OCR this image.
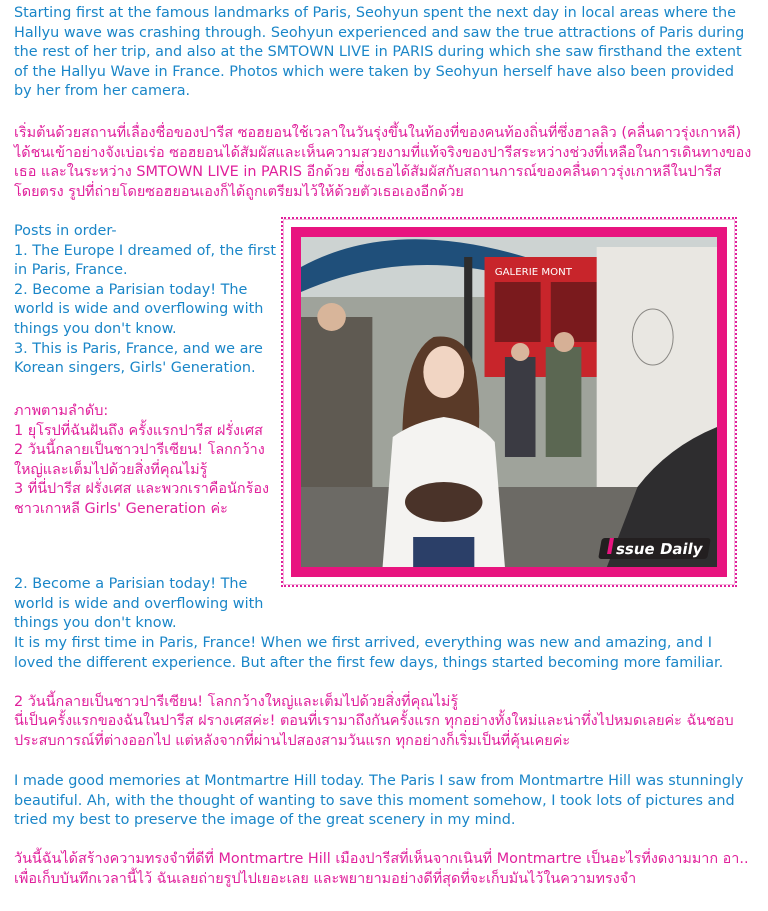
Starting first at the famous landmarks of Paris, Seohyun spent the next day in local areas where the Hallyu wave was crashing through. Seohyun experienced and saw the true attractions of Paris during the rest of her trip, and also at the SMTOWN LIVE in PARIS during which she saw firsthand the extent of the Hallyu Wave in France. Photos which were taken by Seohyun herself have also been provided by her from her camera.

เริ่มต้นด้วยสถานที่เลื่องชื่อของปารีส ซอฮยอนใช้เวลาในวันรุ่งขึ้นในท้องที่ของคนท้องถิ่นที่ซึ่งฮาลลิว (คลื่นดาวรุ่งเกาหลี) ได้ชนเข้าอย่างจังเบ่อเร่อ ซอฮยอนได้สัมผัสและเห็นความสวยงามที่แท้จริงของปารีสระหว่างช่วงที่เหลือในการเดินทางของเธอ และในระหว่าง SMTOWN LIVE in PARIS อีกด้วย ซึ่งเธอได้สัมผัสกับสถานการณ์ของคลื่นดาวรุ่งเกาหลีในปารีสโดยตรง รูปที่ถ่ายโดยซอฮยอนเองก็ได้ถูกเตรียมไว้ให้ด้วยตัวเธอเองอีกด้วย

Posts in order-
1. The Europe I dreamed of, the first in Paris, France.
2. Become a Parisian today! The world is wide and overflowing with things you don't know.
3. This is Paris, France, and we are Korean singers, Girls' Generation.
ภาพตามลำดับ:
1 ยุโรปที่ฉันฝันถึง ครั้งแรกปารีส ฝรั่งเศส
2 วันนี้กลายเป็นชาวปารีเซียน! โลกกว้างใหญ่และเต็มไปด้วยสิ่งที่คุณไม่รู้
3 ที่นี่ปารีส ฝรั่งเศส และพวกเราคือนักร้องชาวเกาหลี Girls' Generation ค่ะ
GALERIE MONT
Issue Daily
2. Become a Parisian today! The world is wide and overflowing with things you don't know.

It is my first time in Paris, France! When we first arrived, everything was new and amazing, and I loved the different experience. But after the first few days, things started becoming more familiar.

2 วันนี้กลายเป็นชาวปารีเซียน! โลกกว้างใหญ่และเต็มไปด้วยสิ่งที่คุณไม่รู้

นี่เป็นครั้งแรกของฉันในปารีส ฝรางเศสค่ะ! ตอนที่เรามาถึงกันครั้งแรก ทุกอย่างทั้งใหม่และน่าทึ่งไปหมดเลยค่ะ ฉันชอบประสบการณ์ที่ต่างออกไป แต่หลังจากที่ผ่านไปสองสามวันแรก ทุกอย่างก็เริ่มเป็นที่คุ้นเคยค่ะ

I made good memories at Montmartre Hill today. The Paris I saw from Montmartre Hill was stunningly beautiful. Ah, with the thought of wanting to save this moment somehow, I took lots of pictures and tried my best to preserve the image of the great scenery in my mind.

วันนี้ฉันได้สร้างความทรงจำที่ดีที่ Montmartre Hill เมืองปารีสที่เห็นจากเนินที่ Montmartre เป็นอะไรที่งดงามมาก อา.. เพื่อเก็บบันทึกเวลานี้ไว้ ฉันเลยถ่ายรูปไปเยอะเลย และพยายามอย่างดีที่สุดที่จะเก็บมันไว้ในความทรงจำ
